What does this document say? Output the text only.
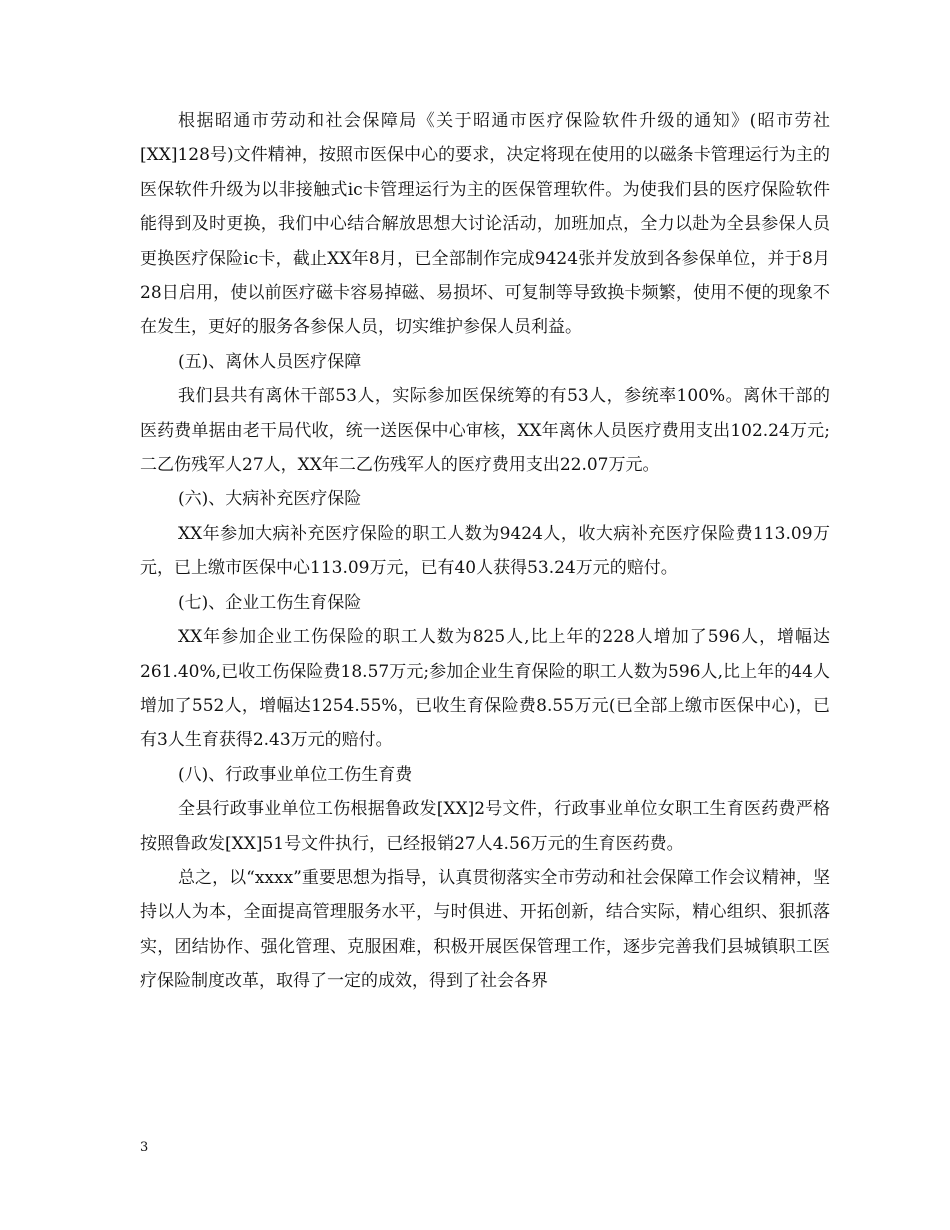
根据昭通市劳动和社会保障局《关于昭通市医疗保险软件升级的通知》(昭市劳社[XX]128号)文件精神，按照市医保中心的要求，决定将现在使用的以磁条卡管理运行为主的医保软件升级为以非接触式ic卡管理运行为主的医保管理软件。为使我们县的医疗保险软件能得到及时更换，我们中心结合解放思想大讨论活动，加班加点，全力以赴为全县参保人员更换医疗保险ic卡，截止XX年8月，已全部制作完成9424张并发放到各参保单位，并于8月28日启用，使以前医疗磁卡容易掉磁、易损坏、可复制等导致换卡频繁，使用不便的现象不在发生，更好的服务各参保人员，切实维护参保人员利益。

(五)、离休人员医疗保障

我们县共有离休干部53人，实际参加医保统筹的有53人，参统率100%。离休干部的医药费单据由老干局代收，统一送医保中心审核，XX年离休人员医疗费用支出102.24万元;二乙伤残军人27人，XX年二乙伤残军人的医疗费用支出22.07万元。

(六)、大病补充医疗保险

XX年参加大病补充医疗保险的职工人数为9424人，收大病补充医疗保险费113.09万元，已上缴市医保中心113.09万元，已有40人获得53.24万元的赔付。

(七)、企业工伤生育保险

XX年参加企业工伤保险的职工人数为825人,比上年的228人增加了596人，增幅达261.40%,已收工伤保险费18.57万元;参加企业生育保险的职工人数为596人,比上年的44人增加了552人，增幅达1254.55%，已收生育保险费8.55万元(已全部上缴市医保中心)，已有3人生育获得2.43万元的赔付。

(八)、行政事业单位工伤生育费

全县行政事业单位工伤根据鲁政发[XX]2号文件，行政事业单位女职工生育医药费严格按照鲁政发[XX]51号文件执行，已经报销27人4.56万元的生育医药费。

总之，以“xxxx”重要思想为指导，认真贯彻落实全市劳动和社会保障工作会议精神，坚持以人为本，全面提高管理服务水平，与时俱进、开拓创新，结合实际，精心组织、狠抓落实，团结协作、强化管理、克服困难，积极开展医保管理工作，逐步完善我们县城镇职工医疗保险制度改革，取得了一定的成效，得到了社会各界

3
